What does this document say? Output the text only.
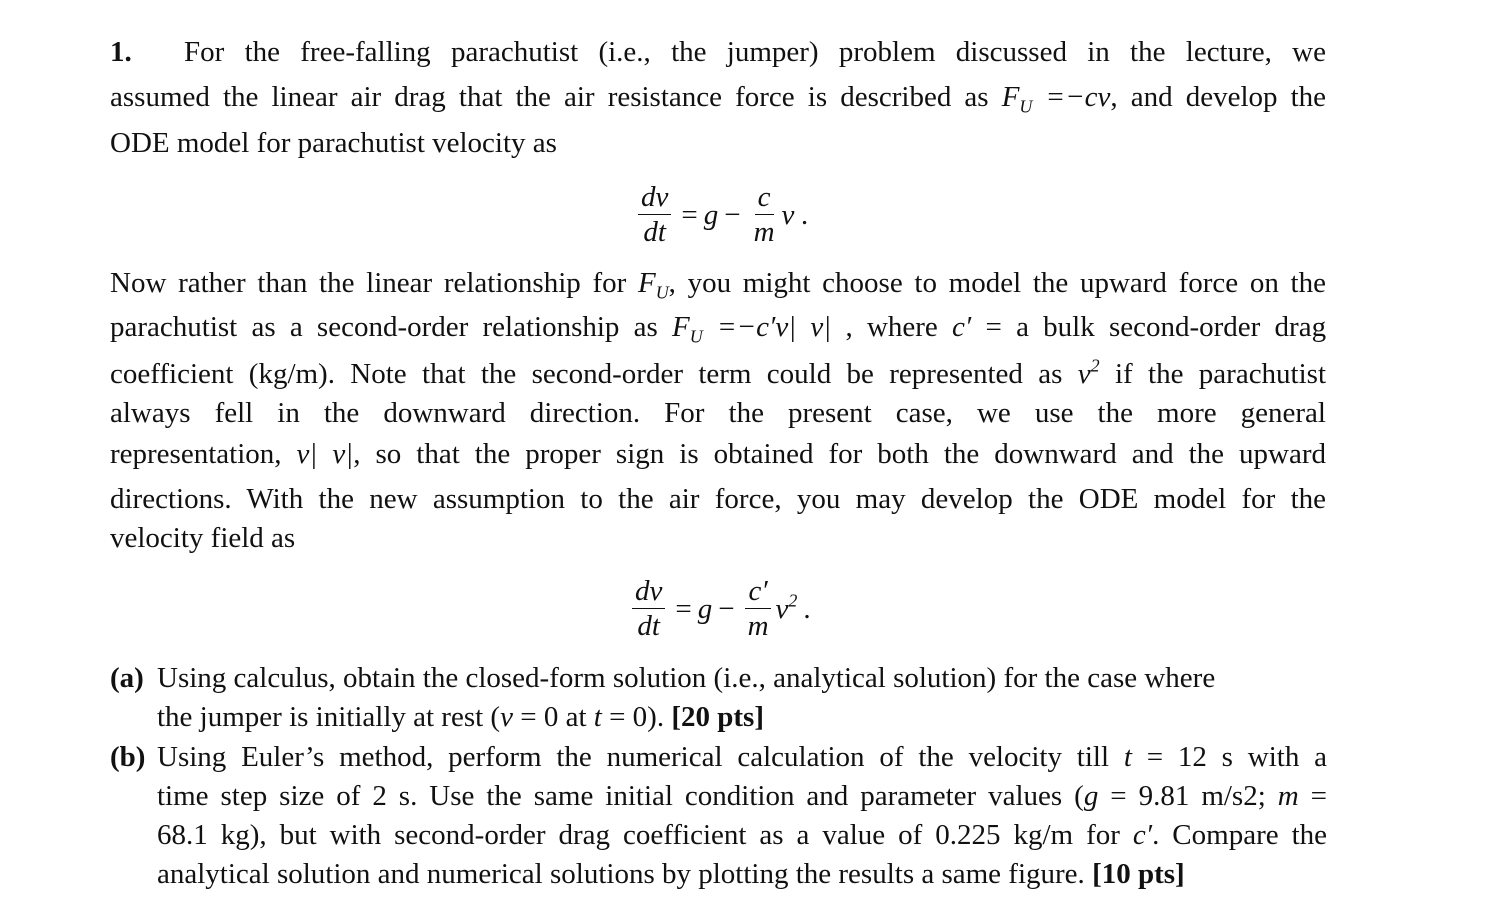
1. For the free-falling parachutist (i.e., the jumper) problem discussed in the lecture, we
assumed the linear air drag that the air resistance force is described as $F_U =-cv$, and develop the
ODE model for parachutist velocity as
$\frac{dv}{dt} = g - \frac{c}{m}$ v .
Now rather than the linear relationship for $F_U$, you might choose to model the upward force on the
parachutist as a second-order relationship as $F_U =-c'v|$ v| , where c′ = a bulk second-order drag
coefficient (kg/m). Note that the second-order term could be represented as $v^2$ if the parachutist
always fell in the downward direction. For the present case, we use the more general
representation, v| v|, so that the proper sign is obtained for both the downward and the upward
directions. With the new assumption to the air force, you may develop the ODE model for the
velocity field as
$\frac{dv}{dt} = g - \frac{c'}{m} v^2$ .
(a) Using calculus, obtain the closed-form solution (i.e., analytical solution) for the case where
the jumper is initially at rest (v = 0 at t = 0). [20 pts]
(b) Using Euler’s method, perform the numerical calculation of the velocity till t = 12 s with a
time step size of 2 s. Use the same initial condition and parameter values (g = 9.81 m/s2; m =
68.1 kg), but with second-order drag coefficient as a value of 0.225 kg/m for c′. Compare the
analytical solution and numerical solutions by plotting the results a same figure. [10 pts]
